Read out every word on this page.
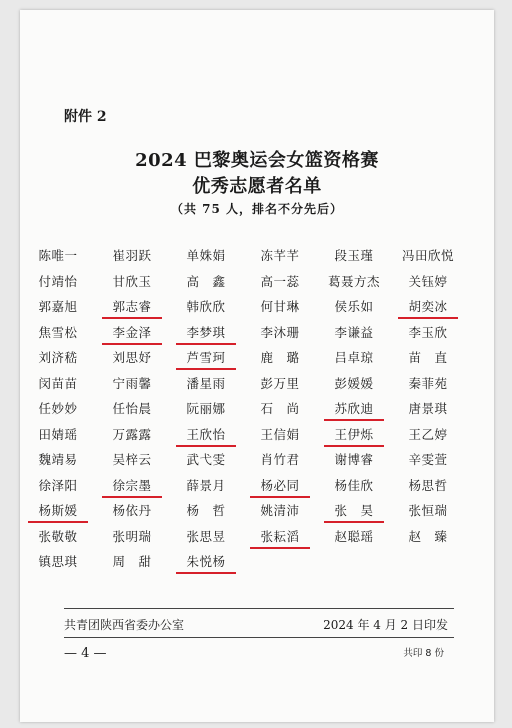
附件 2
2024 巴黎奥运会女篮资格赛
优秀志愿者名单
（共 75 人，排名不分先后）
陈唯一	崔羽跃	单姝娟	冻芊芊	段玉瑾	冯田欣悦
付靖怡	甘欣玉	高　鑫	高一蕊	葛聂方杰	关钰婷
郭嘉旭	郭志睿	韩欣欣	何甘琳	侯乐如	胡奕冰
焦雪松	李金泽	李梦琪	李沐珊	李谦益	李玉欣
刘济嵇	刘思妤	芦雪珂	鹿　璐	吕卓琼	苗　直
闵苗苗	宁雨馨	潘星雨	彭万里	彭媛媛	秦菲苑
任妙妙	任怡晨	阮丽娜	石　尚	苏欣迪	唐景琪
田婧瑶	万露露	王欣怡	王信娟	王伊烁	王乙婷
魏靖易	吴梓云	武弋雯	肖竹君	谢博睿	辛雯萱
徐泽阳	徐宗墨	薛景月	杨必同	杨佳欣	杨思哲
杨斯媛	杨依丹	杨　哲	姚清沛	张　昊	张恒瑞
张敬敬	张明瑞	张思昱	张耘滔	赵聪瑶	赵　臻
镇思琪	周　甜	朱悦杨
共青团陕西省委办公室	2024 年 4 月 2 日印发
— 4 —	共印 8 份
